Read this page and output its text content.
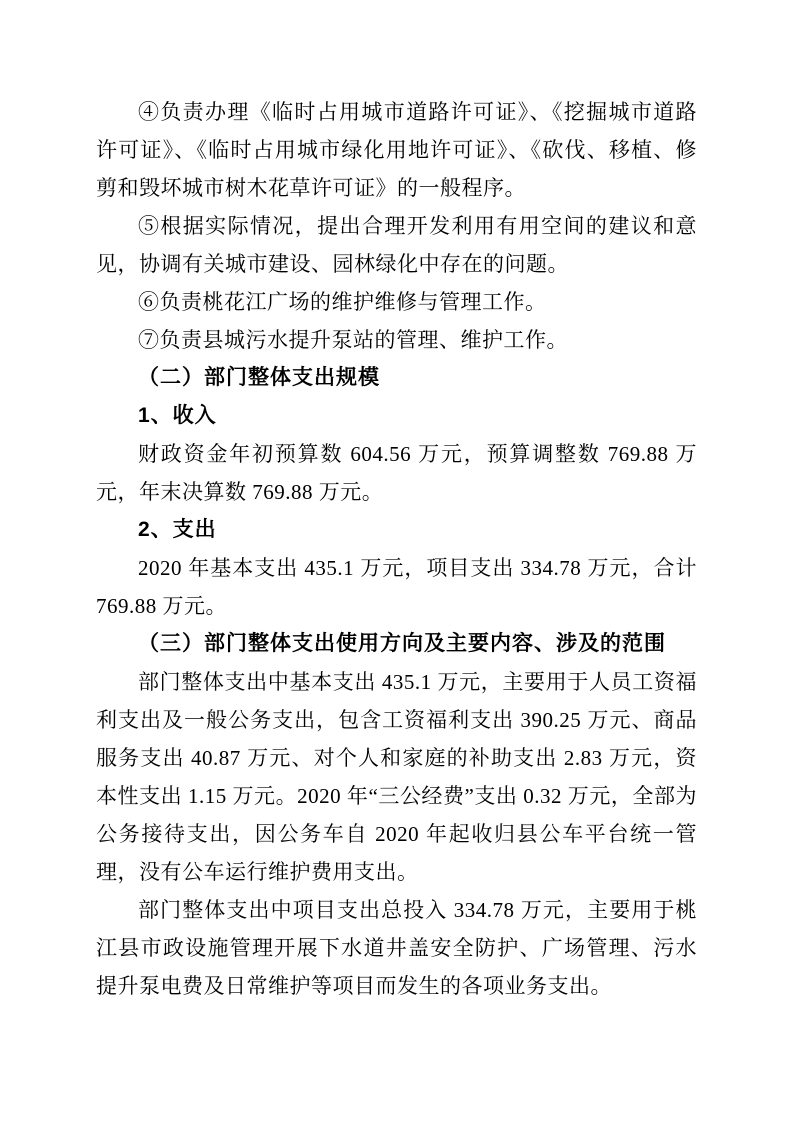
④负责办理《临时占用城市道路许可证》、《挖掘城市道路许可证》、《临时占用城市绿化用地许可证》、《砍伐、移植、修剪和毁坏城市树木花草许可证》的一般程序。

⑤根据实际情况，提出合理开发利用有用空间的建议和意见，协调有关城市建设、园林绿化中存在的问题。

⑥负责桃花江广场的维护维修与管理工作。

⑦负责县城污水提升泵站的管理、维护工作。

（二）部门整体支出规模

1、收入

财政资金年初预算数 604.56 万元，预算调整数 769.88 万元，年末决算数 769.88 万元。

2、支出

2020 年基本支出 435.1 万元，项目支出 334.78 万元，合计 769.88 万元。

（三）部门整体支出使用方向及主要内容、涉及的范围

部门整体支出中基本支出 435.1 万元，主要用于人员工资福利支出及一般公务支出，包含工资福利支出 390.25 万元、商品服务支出 40.87 万元、对个人和家庭的补助支出 2.83 万元，资本性支出 1.15 万元。2020 年“三公经费”支出 0.32 万元，全部为公务接待支出，因公务车自 2020 年起收归县公车平台统一管理，没有公车运行维护费用支出。

部门整体支出中项目支出总投入 334.78 万元，主要用于桃江县市政设施管理开展下水道井盖安全防护、广场管理、污水提升泵电费及日常维护等项目而发生的各项业务支出。
